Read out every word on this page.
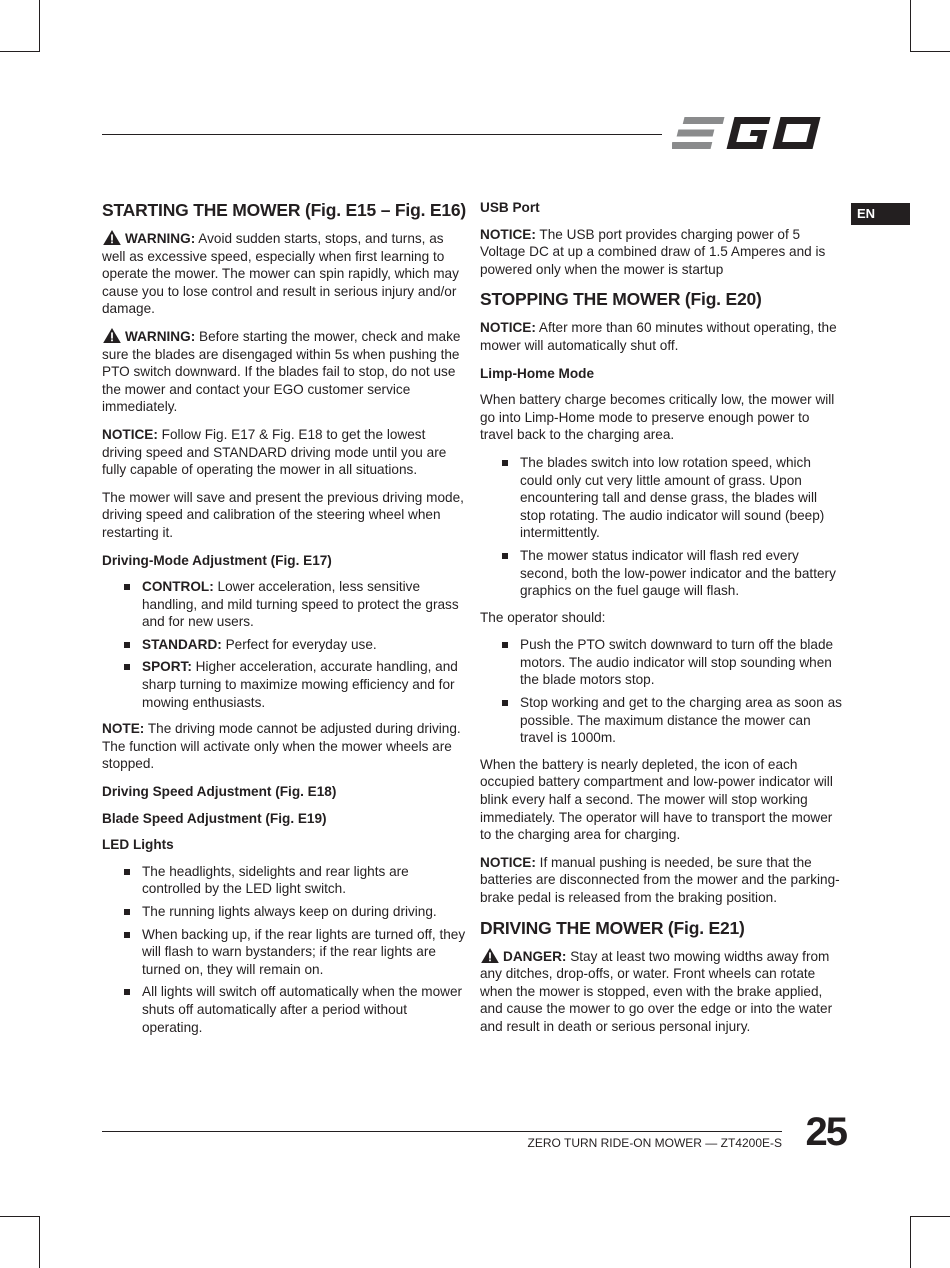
EN
STARTING THE MOWER (Fig. E15 – Fig. E16)

WARNING: Avoid sudden starts, stops, and turns, as well as excessive speed, especially when first learning to operate the mower. The mower can spin rapidly, which may cause you to lose control and result in serious injury and/or damage.

WARNING: Before starting the mower, check and make sure the blades are disengaged within 5s when pushing the PTO switch downward. If the blades fail to stop, do not use the mower and contact your EGO customer service immediately.

NOTICE: Follow Fig. E17 & Fig. E18 to get the lowest driving speed and STANDARD driving mode until you are fully capable of operating the mower in all situations.

The mower will save and present the previous driving mode, driving speed and calibration of the steering wheel when restarting it.

Driving-Mode Adjustment (Fig. E17)
CONTROL: Lower acceleration, less sensitive handling, and mild turning speed to protect the grass and for new users.
STANDARD: Perfect for everyday use.
SPORT: Higher acceleration, accurate handling, and sharp turning to maximize mowing efficiency and for mowing enthusiasts.

NOTE: The driving mode cannot be adjusted during driving. The function will activate only when the mower wheels are stopped.

Driving Speed Adjustment (Fig. E18)
Blade Speed Adjustment (Fig. E19)
LED Lights
The headlights, sidelights and rear lights are controlled by the LED light switch.
The running lights always keep on during driving.
When backing up, if the rear lights are turned off, they will flash to warn bystanders; if the rear lights are turned on, they will remain on.
All lights will switch off automatically when the mower shuts off automatically after a period without operating.
USB Port

NOTICE: The USB port provides charging power of 5 Voltage DC at up a combined draw of 1.5 Amperes and is powered only when the mower is startup

STOPPING THE MOWER (Fig. E20)

NOTICE: After more than 60 minutes without operating, the mower will automatically shut off.

Limp-Home Mode

When battery charge becomes critically low, the mower will go into Limp-Home mode to preserve enough power to travel back to the charging area.

The blades switch into low rotation speed, which could only cut very little amount of grass. Upon encountering tall and dense grass, the blades will stop rotating. The audio indicator will sound (beep) intermittently.
The mower status indicator will flash red every second, both the low-power indicator and the battery graphics on the fuel gauge will flash.

The operator should:

Push the PTO switch downward to turn off the blade motors. The audio indicator will stop sounding when the blade motors stop.
Stop working and get to the charging area as soon as possible. The maximum distance the mower can travel is 1000m.

When the battery is nearly depleted, the icon of each occupied battery compartment and low-power indicator will blink every half a second. The mower will stop working immediately. The operator will have to transport the mower to the charging area for charging.

NOTICE: If manual pushing is needed, be sure that the batteries are disconnected from the mower and the parking-brake pedal is released from the braking position.

DRIVING THE MOWER (Fig. E21)

DANGER: Stay at least two mowing widths away from any ditches, drop-offs, or water. Front wheels can rotate when the mower is stopped, even with the brake applied, and cause the mower to go over the edge or into the water and result in death or serious personal injury.

ZERO TURN RIDE-ON MOWER — ZT4200E-S 25
